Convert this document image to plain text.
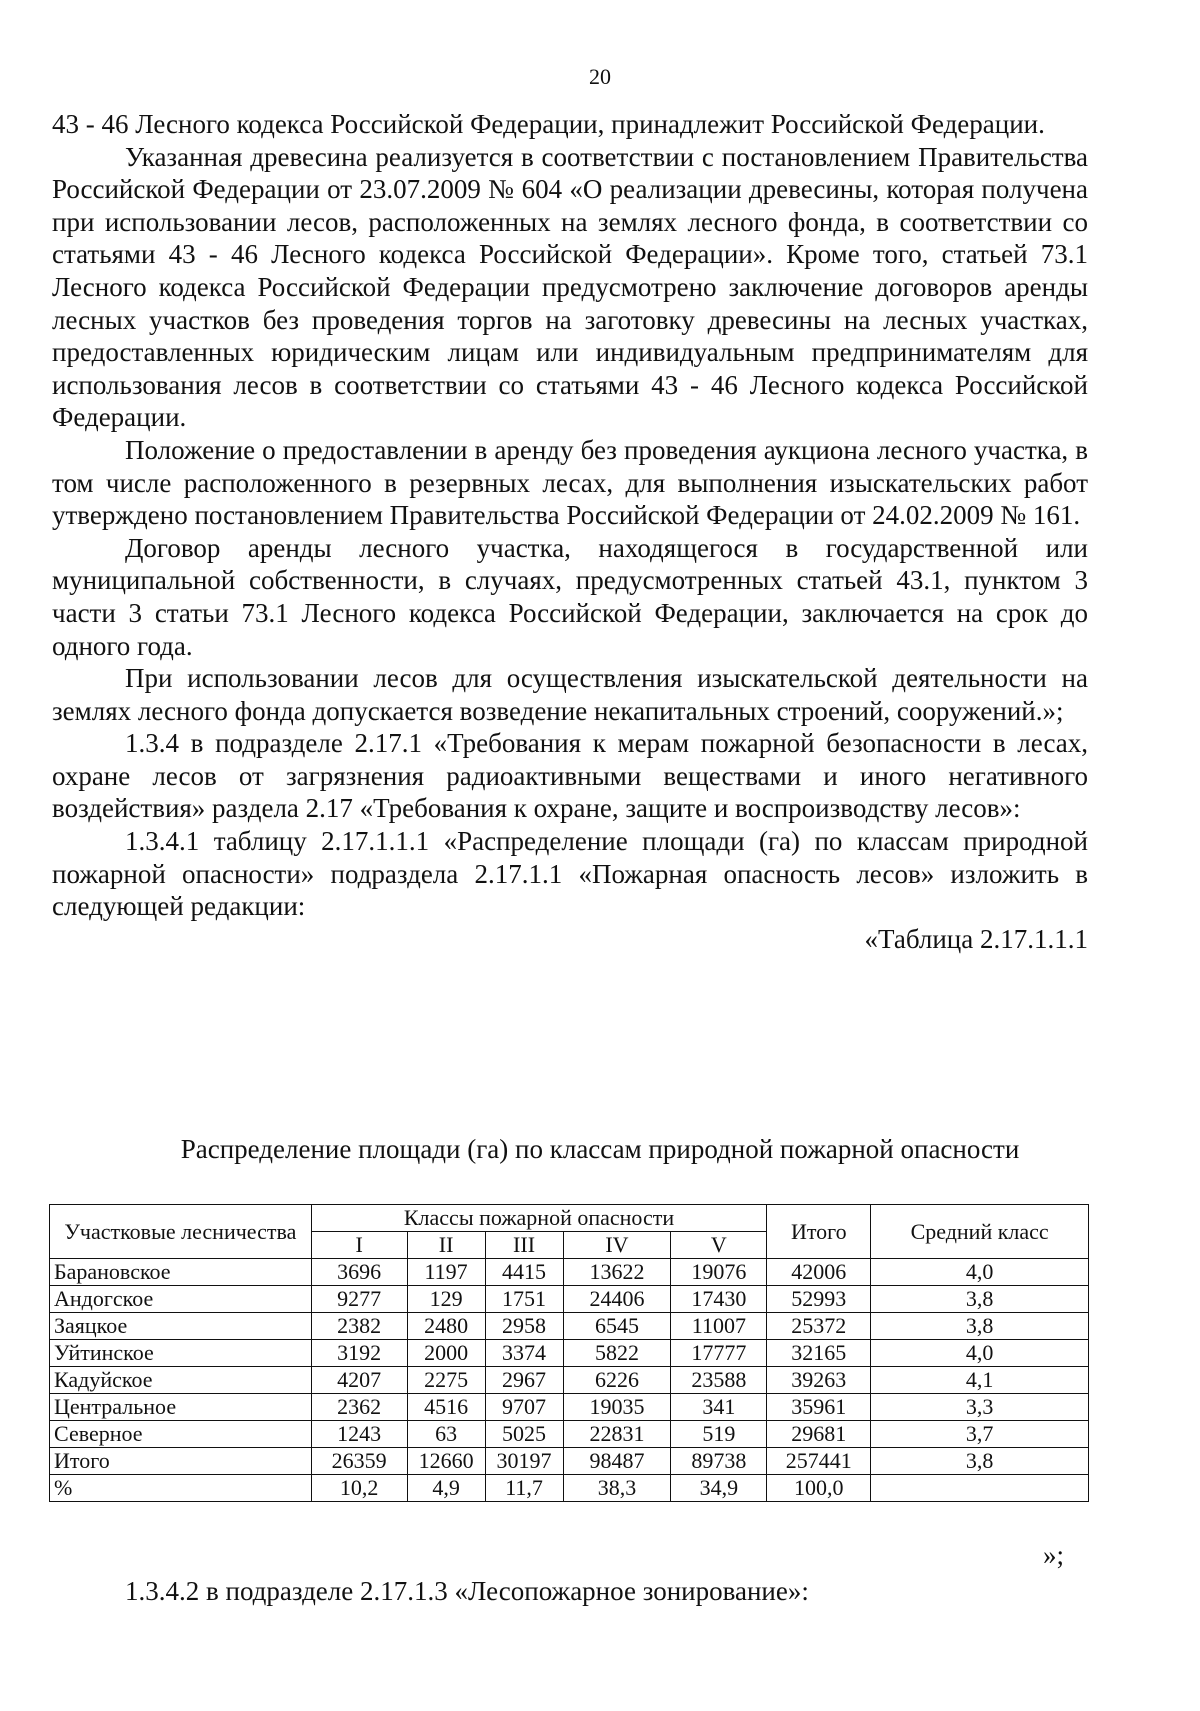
20

43 - 46 Лесного кодекса Российской Федерации, принадлежит Российской Федерации.

Указанная древесина реализуется в соответствии с постановлением Правительства Российской Федерации от 23.07.2009 № 604 «О реализации древесины, которая получена при использовании лесов, расположенных на землях лесного фонда, в соответствии со статьями 43 - 46 Лесного кодекса Российской Федерации». Кроме того, статьей 73.1 Лесного кодекса Российской Федерации предусмотрено заключение договоров аренды лесных участков без проведения торгов на заготовку древесины на лесных участках, предоставленных юридическим лицам или индивидуальным предпринимателям для использования лесов в соответствии со статьями 43 - 46 Лесного кодекса Российской Федерации.

Положение о предоставлении в аренду без проведения аукциона лесного участка, в том числе расположенного в резервных лесах, для выполнения изыскательских работ утверждено постановлением Правительства Российской Федерации от 24.02.2009 № 161.

Договор аренды лесного участка, находящегося в государственной или муниципальной собственности, в случаях, предусмотренных статьей 43.1, пунктом 3 части 3 статьи 73.1 Лесного кодекса Российской Федерации, заключается на срок до одного года.

При использовании лесов для осуществления изыскательской деятельности на землях лесного фонда допускается возведение некапитальных строений, сооружений.»;

1.3.4 в подразделе 2.17.1 «Требования к мерам пожарной безопасности в лесах, охране лесов от загрязнения радиоактивными веществами и иного негативного воздействия» раздела 2.17 «Требования к охране, защите и воспроизводству лесов»:

1.3.4.1 таблицу 2.17.1.1.1 «Распределение площади (га) по классам природной пожарной опасности» подраздела 2.17.1.1 «Пожарная опасность лесов» изложить в следующей редакции:

«Таблица 2.17.1.1.1

Распределение площади (га) по классам природной пожарной опасности
Участковые лесничества	Классы пожарной опасности					Итого	Средний класс
	I	II	III	IV	V		
Барановское	3696	1197	4415	13622	19076	42006	4,0
Андогское	9277	129	1751	24406	17430	52993	3,8
Заяцкое	2382	2480	2958	6545	11007	25372	3,8
Уйтинское	3192	2000	3374	5822	17777	32165	4,0
Кадуйское	4207	2275	2967	6226	23588	39263	4,1
Центральное	2362	4516	9707	19035	341	35961	3,3
Северное	1243	63	5025	22831	519	29681	3,7
Итого	26359	12660	30197	98487	89738	257441	3,8
%	10,2	4,9	11,7	38,3	34,9	100,0	
»;
1.3.4.2 в подразделе 2.17.1.3 «Лесопожарное зонирование»:
